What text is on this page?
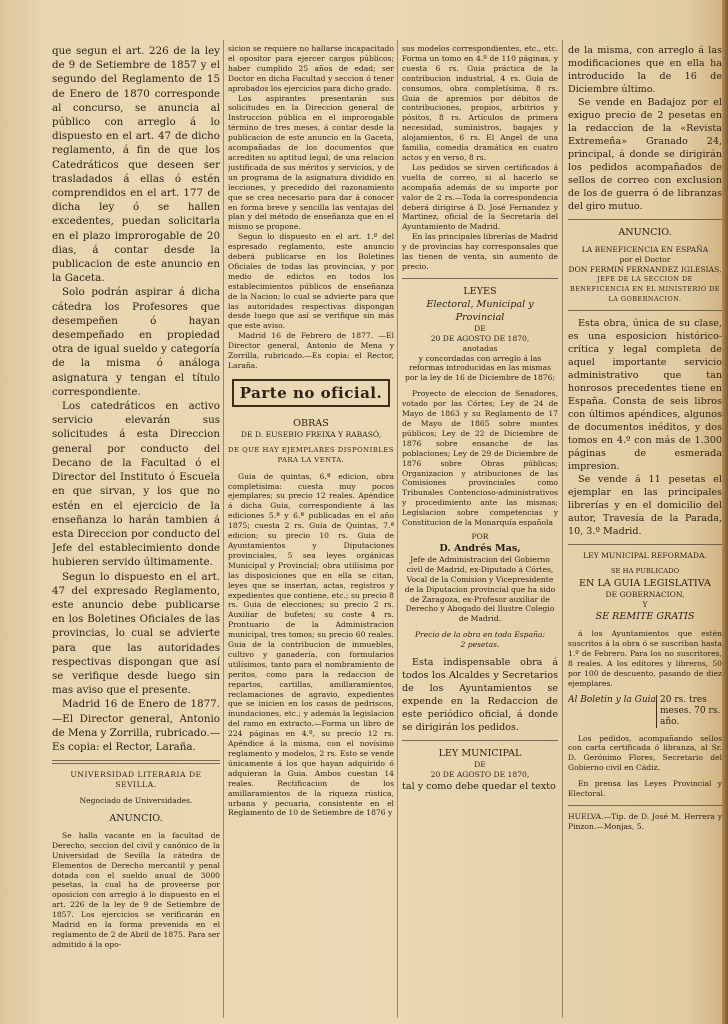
que segun el art. 226 de la ley de 9 de Setiembre de 1857 y el segundo del Reglamento de 15 de Enero de 1870 corresponde al concurso, se anuncia al público con arreglo á lo dispuesto en el art. 47 de dicho reglamento, á fin de que los Catedráticos que deseen ser trasladados á ellas ó estén comprendidos en el art. 177 de dicha ley ó se hallen excedentes, puedan solicitarla en el plazo improrogable de 20 dias, á contar desde la publicacion de este anuncio en la Gaceta.

Solo podrán aspirar á dicha cátedra los Profesores que desempeñen ó hayan desempeñado en propiedad otra de igual sueldo y categoría de la misma ó análoga asignatura y tengan el título correspondiente.

Los catedráticos en activo servicio elevarán sus solicitudes á esta Direccion general por conducto del Decano de la Facultad ó el Director del Instituto ó Escuela en que sirvan, y los que no estén en el ejercicio de la enseñanza lo harán tambien á esta Direccion por conducto del Jefe del establecimiento donde hubieren servido últimamente.

Segun lo dispuesto en el art. 47 del expresado Reglamento, este anuncio debe publicarse en los Boletines Oficiales de las provincias, lo cual se advierte para que las autoridades respectivas dispongan que así se verifique desde luego sin mas aviso que el presente.

Madrid 16 de Enero de 1877.—El Director general, Antonio de Mena y Zorrilla, rubricado.—Es copia: el Rector, Laraña.

UNIVERSIDAD LITERARIA DE SEVILLA.

Negociado de Universidades.

ANUNCIO.

Se halla vacante en la facultad de Derecho, seccion del civil y canónico de la Universidad de Sevilla la cátedra de Elementos de Derecho mercantil y penal dotada con el sueldo anual de 3000 pesetas, la cual ha de proveerse por oposicion con arreglo á lo dispuesto en el art. 226 de la ley de 9 de Setiembre de 1857. Los ejercicios se verificarán en Madrid en la forma prevenida en el reglamento de 2 de Abril de 1875. Para ser admitido á la opo-

sicion se requiere no hallarse incapacitado el opositor para ejercer cargos públicos; haber cumplido 25 años de edad; ser Doctor en dicha Facultad y seccion ó tener aprobados los ejercicios para dicho grado.

Los aspirantes presentarán sus solicitudes en la Direccion general de Instruccion pública en el improrogable término de tres meses, á contar desde la publicacion de este anuncio en la Gaceta, acompañadas de los documentos que acrediten su aptitud legal, de una relacion justificada de sus méritos y servicios, y de un programa de la asignatura dividido en lecciones, y precedido del razonamiento que se crea necesario para dar á conocer en forma breve y sencilla las ventajas del plan y del método de enseñanza que en el mismo se propone.

Segun lo dispuesto en el art. 1.º del espresado reglamento, este anuncio deberá publicarse en los Boletines Oficiales de todas las provincias, y por medio de edictos en todos los establecimientos públicos de enseñanza de la Nacion; lo cual se advierte para que las autoridades respectivas dispongan desde luego que así se verifique sin más que este aviso.

Madrid 16 de Febrero de 1877. —El Director general, Antonio de Mena y Zorrilla, rubricado.—Es copia: el Rector, Laraña.

Parte no oficial.

OBRAS

DE D. EUSEBIO FREIXA Y RABASÓ,

DE QUE HAY EJEMPLARES DISPONIBLES PARA LA VENTA.

Guia de quintas, 6.ª edicion, obra completísima: cuesta muy pocos ejemplares; su precio 12 reales. Apéndice á dicha Guia, correspondiente á las ediciones 5.ª y 6.ª publicadas en el año 1875; cuesta 2 rs. Guia de Quintas, 7.ª edicion; su precio 10 rs. Guia de Ayuntamientos y Diputaciones provinciales, 5 sea leyes orgánicas Municipal y Provincial; obra utilísima por las disposiciones que en ella se citan, leyes que se insertan, actas, registros y expedientes que contiene, etc.; su precio 8 rs. Guia de elecciones; su precio 2 rs. Auxiliar de bufetes; su coste 4 rs. Prontuario de la Administracion municipal, tres tomos; su precio 60 reales. Guia de la contribucion de inmuebles, cultivo y ganadería, con formularios utilísimos, tanto para el nombramiento de peritos, como para la redaccion de repartos, cartillas, amillaramientos, reclamaciones de agravio, expedientes que se inicien en los casos de pedriscos, inundaciones, etc.; y además la legislacion del ramo en extracto.—Forma un libro de 224 páginas en 4.º, su precio 12 rs. Apéndice á la misma, con el novísimo reglamento y modelos, 2 rs. Esto se vende únicamente á los que hayan adquirido ó adquieran la Guia. Ambos cuestan 14 reales. Rectificacion de los amillaramientos de la riqueza rústica, urbana y pecuaria, consistente en el Reglamento de 10 de Setiembre de 1876 y

sus modelos correspondientes, etc., etc. Forma un tomo en 4.º de 110 páginas, y cuesta 6 rs. Guia práctica de la contribucion industrial, 4 rs. Guia de consumos, obra completísima, 8 rs. Guia de apremios por débitos de contribuciones, propios, arbitrios y pósitos, 8 rs. Artículos de primera necesidad, suministros, bagajes y alojamientos, 6 rs. El Angel de una familia, comedia dramática en cuatro actos y en verso, 8 rs.

Los pedidos se sirven certificados á vuelta de correo, si al hacerlo se acompaña además de su importe por valor de 2 rs.—Toda la correspondencia deberá dirigirse á D. José Fernandez y Martinez, oficial de la Secretaría del Ayuntamiento de Madrid.

En las principales librerías de Madrid y de provincias hay corresponsales que las tienen de venta, sin aumento de precio.

LEYES

Electoral, Municipal y Provincial

DE

20 DE AGOSTO DE 1870,

anotadas

y concordadas con arreglo á las reformas introducidas en las mismas por la ley de 16 de Diciembre de 1876;

Proyecto de eleccion de Senadores, votado por las Córtes; Ley de 24 de Mayo de 1863 y su Reglamento de 17 de Mayo de 1865 sobre montes públicos; Ley de 22 de Diciembre de 1876 sobre ensanche de las poblaciones; Ley de 29 de Diciembre de 1876 sobre Obras públicas; Organizacion y atribuciones de las Comisiones provinciales como Tribunales Contencioso-administrativos y procedimiento ante las mismas; Legislacion sobre competencias y Constitucion de la Monarquía española

POR

D. Andrés Mas,

Jefe de Administracion del Gobierno civil de Madrid, ex-Diputado á Córtes, Vocal de la Comision y Vicepresidente de la Diputacion provincial que ha sido de Zaragoza, ex-Profesor auxiliar de Derecho y Abogado del Ilustre Colegio de Madrid.

Precio de la obra en toda España:

2 pesetas.

Esta indispensable obra á todos los Alcaldes y Secretarios de los Ayuntamientos se expende en la Redaccion de este periódico oficial, á donde se dirigirán los pedidos.

LEY MUNICIPAL

DE

20 DE AGOSTO DE 1870,

tal y como debe quedar el texto

de la misma, con arreglo á las modificaciones que en ella ha introducido la de 16 de Diciembre último.

Se vende en Badajoz por el exiguo precio de 2 pesetas en la redaccion de la «Revista Extremeña» Granado 24, principal, á donde se dirigirán los pedidos acompañados de sellos de correo con exclusion de los de guerra ó de libranzas del giro mutuo.

ANUNCIO.

LA BENEFICENCIA EN ESPAÑA

por el Doctor

DON FERMIN FERNANDEZ IGLESIAS,

JEFE DE LA SECCION DE BENEFICENCIA EN EL MINISTERIO DE LA GOBERNACION.

Esta obra, única de su clase, es una esposicion histórico-crítica y legal completa de aquel importante servicio administrativo que tan honrosos precedentes tiene en España. Consta de seis libros con últimos apéndices, algunos de documentos inéditos, y dos tomos en 4.º con más de 1.300 páginas de esmerada impresion.

Se vende á 11 pesetas el ejemplar en las principales librerías y en el domicilio del autor, Travesía de la Parada, 10, 3.º Madrid.

LEY MUNICIPAL REFORMADA.

SE HA PUBLICADO

EN LA GUIA LEGISLATIVA

DE GOBERNACION,

Y

SE REMITE GRATIS

á los Ayuntamientos que estén suscritos á la obra ó se suscriban hasta 1.º de Febrero. Para los no suscritores, 8 reales. A los editores y libreros, 50 por 100 de descuento, pasando de diez ejemplares.

Al Boletin y la Guia 20 rs. tres meses. 70 rs. año.

Los pedidos, acompañando sellos con carta certificada ó libranza, al Sr. D. Gerónimo Flores, Secretario del Gobierno civil en Cádiz.

En prensa las Leyes Provincial y Electoral.

HUELVA.—Tip. de D. José M. Herrera y Pinzon.—Monjas, 5.
